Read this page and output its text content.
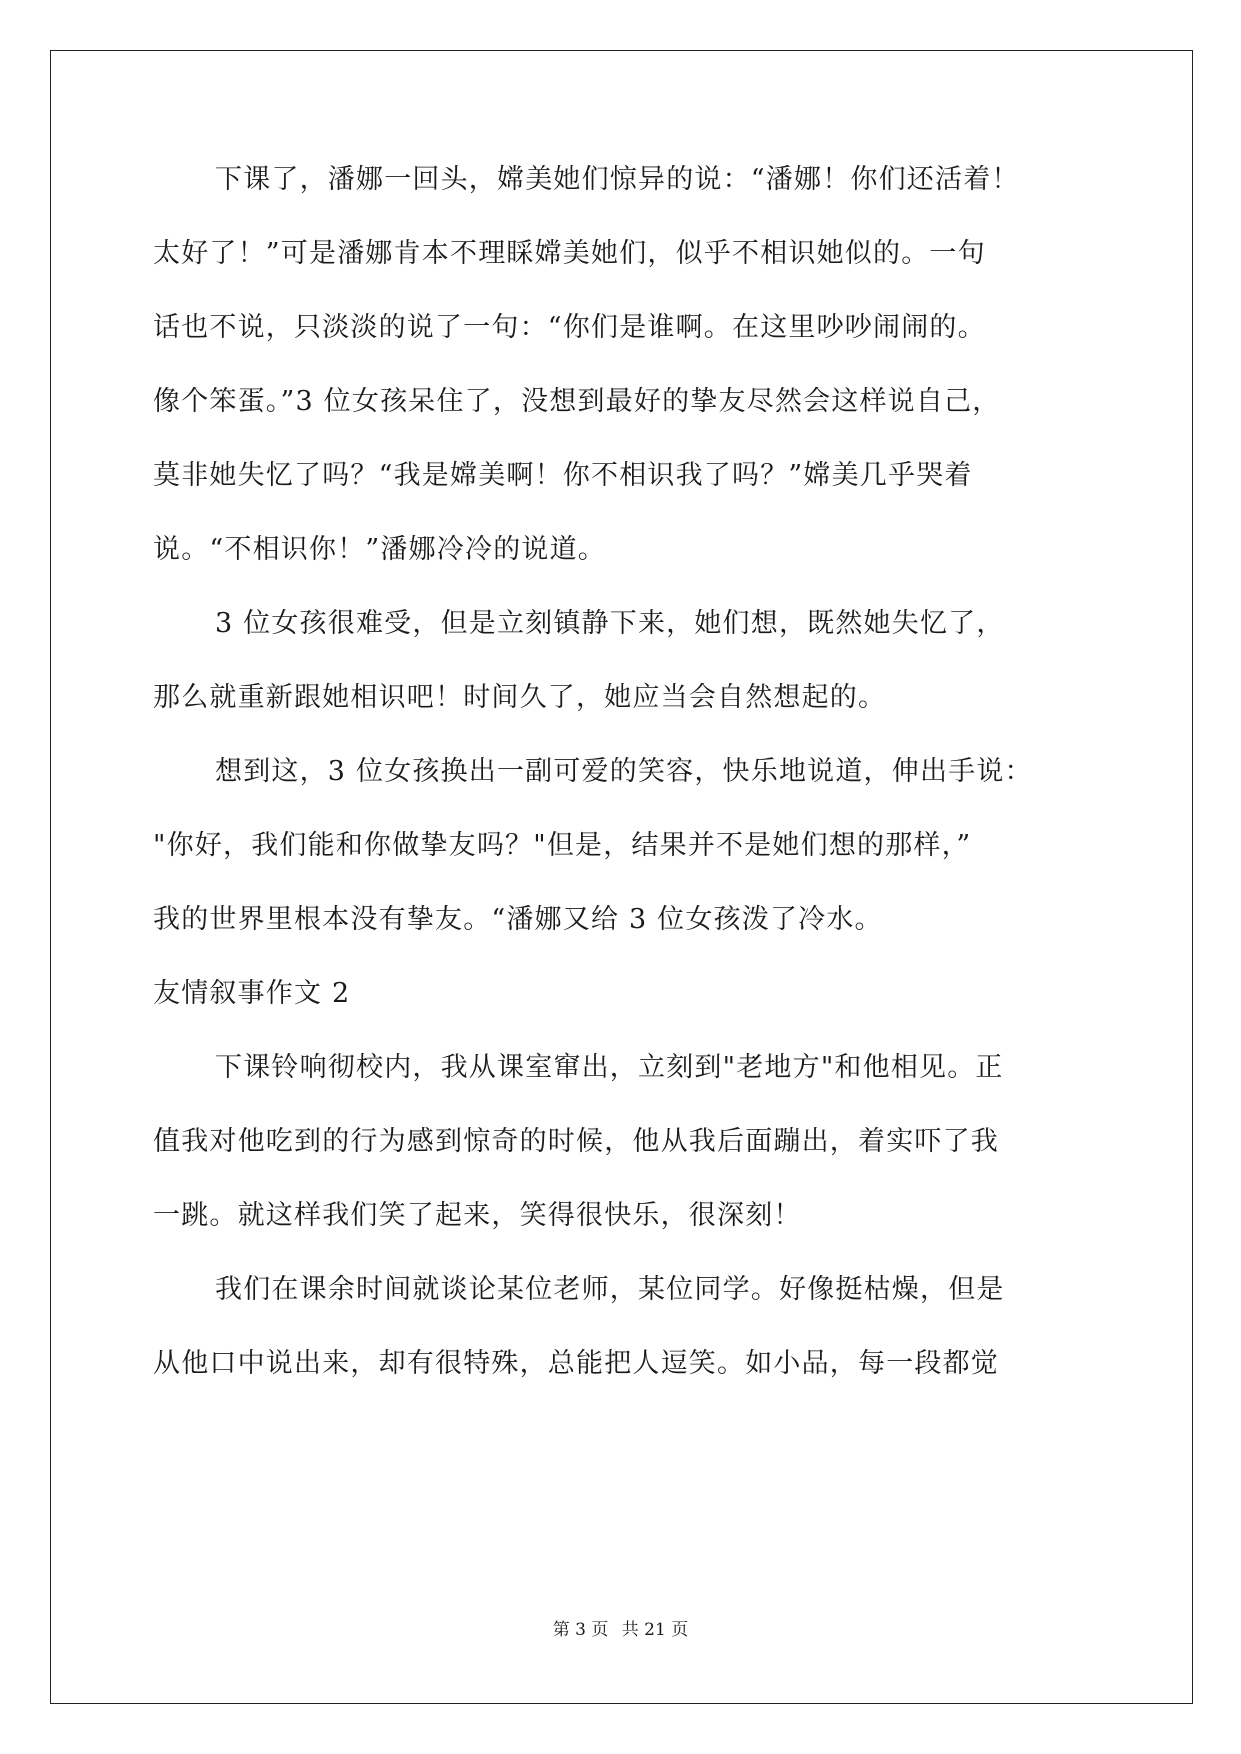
下课了，潘娜一回头，嫦美她们惊异的说：“潘娜！你们还活着！
太好了！”可是潘娜肯本不理睬嫦美她们，似乎不相识她似的。一句
话也不说，只淡淡的说了一句：“你们是谁啊。在这里吵吵闹闹的。
像个笨蛋。”3 位女孩呆住了，没想到最好的挚友尽然会这样说自己，
莫非她失忆了吗？“我是嫦美啊！你不相识我了吗？”嫦美几乎哭着
说。“不相识你！”潘娜冷冷的说道。
3 位女孩很难受，但是立刻镇静下来，她们想，既然她失忆了，
那么就重新跟她相识吧！时间久了，她应当会自然想起的。
想到这，3 位女孩换出一副可爱的笑容，快乐地说道，伸出手说：
"你好，我们能和你做挚友吗？"但是，结果并不是她们想的那样，”
我的世界里根本没有挚友。“潘娜又给 3 位女孩泼了冷水。
友情叙事作文 2
下课铃响彻校内，我从课室窜出，立刻到"老地方"和他相见。正
值我对他吃到的行为感到惊奇的时候，他从我后面蹦出，着实吓了我
一跳。就这样我们笑了起来，笑得很快乐，很深刻！
我们在课余时间就谈论某位老师，某位同学。好像挺枯燥，但是
从他口中说出来，却有很特殊，总能把人逗笑。如小品，每一段都觉
第 3 页 共 21 页
